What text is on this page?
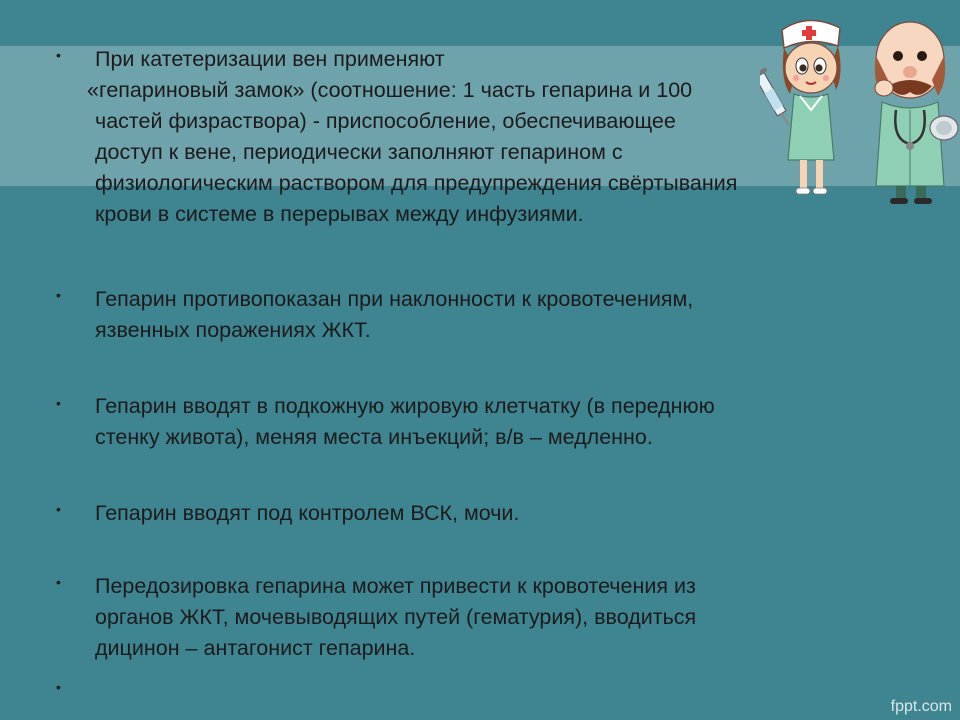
• При катетеризации вен применяют
«гепариновый замок» (соотношение: 1 часть гепарина и 100
частей физраствора) - приспособление, обеспечивающее
доступ к вене, периодически заполняют гепарином с
физиологическим раствором для предупреждения свёртывания
крови в системе в перерывах между инфузиями.
• Гепарин противопоказан при наклонности к кровотечениям,
язвенных поражениях ЖКТ.
• Гепарин вводят в подкожную жировую клетчатку (в переднюю
стенку живота), меняя места инъекций; в/в – медленно.
• Гепарин вводят под контролем ВСК, мочи.
• Передозировка гепарина может привести к кровотечения из
органов ЖКТ, мочевыводящих путей (гематурия), вводиться
дицинон – антагонист гепарина.
•
fppt.com
